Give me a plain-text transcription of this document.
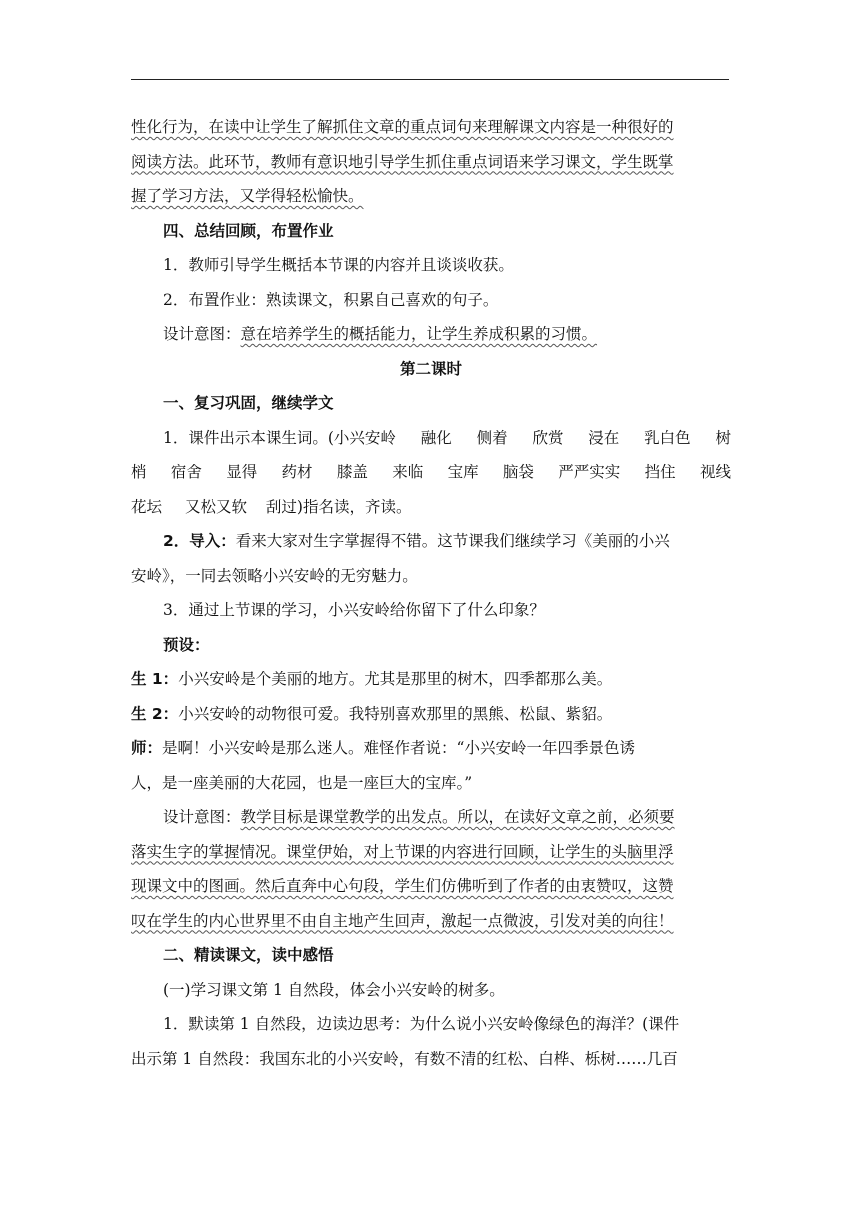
性化行为，在读中让学生了解抓住文章的重点词句来理解课文内容是一种很好的
阅读方法。此环节，教师有意识地引导学生抓住重点词语来学习课文，学生既掌
握了学习方法，又学得轻松愉快。
四、总结回顾，布置作业
1．教师引导学生概括本节课的内容并且谈谈收获。
2．布置作业：熟读课文，积累自己喜欢的句子。
设计意图：意在培养学生的概括能力，让学生养成积累的习惯。
第二课时
一、复习巩固，继续学文
1．课件出示本课生词。(小兴安岭 融化 侧着 欣赏 浸在 乳白色 树
梢 宿舍 显得 药材 膝盖 来临 宝库 脑袋 严严实实 挡住 视线
花坛 又松又软 刮过)指名读，齐读。
2．导入：看来大家对生字掌握得不错。这节课我们继续学习《美丽的小兴
安岭》，一同去领略小兴安岭的无穷魅力。
3．通过上节课的学习，小兴安岭给你留下了什么印象？
预设：
生 1：小兴安岭是个美丽的地方。尤其是那里的树木，四季都那么美。
生 2：小兴安岭的动物很可爱。我特别喜欢那里的黑熊、松鼠、紫貂。
师：是啊！小兴安岭是那么迷人。难怪作者说：“小兴安岭一年四季景色诱
人，是一座美丽的大花园，也是一座巨大的宝库。”
设计意图：教学目标是课堂教学的出发点。所以，在读好文章之前，必须要
落实生字的掌握情况。课堂伊始，对上节课的内容进行回顾，让学生的头脑里浮
现课文中的图画。然后直奔中心句段，学生们仿佛听到了作者的由衷赞叹，这赞
叹在学生的内心世界里不由自主地产生回声，激起一点微波，引发对美的向往！
二、精读课文，读中感悟
(一)学习课文第 1 自然段，体会小兴安岭的树多。
1．默读第 1 自然段，边读边思考：为什么说小兴安岭像绿色的海洋？(课件
出示第 1 自然段：我国东北的小兴安岭，有数不清的红松、白桦、栎树……几百
